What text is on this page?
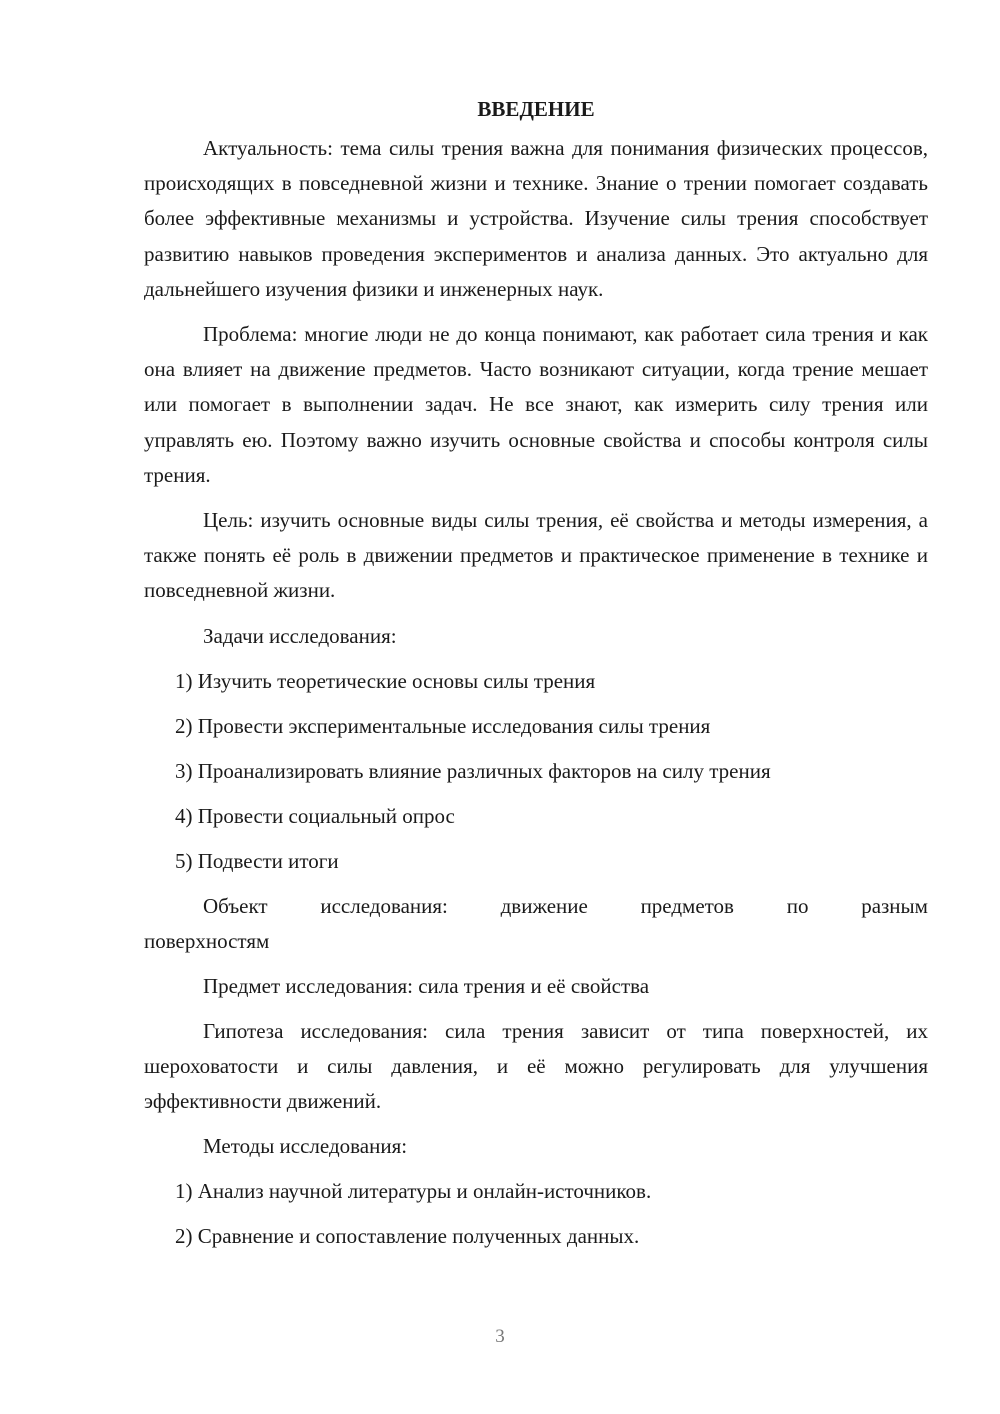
ВВЕДЕНИЕ

Актуальность: тема силы трения важна для понимания физических процессов, происходящих в повседневной жизни и технике. Знание о трении помогает создавать более эффективные механизмы и устройства. Изучение силы трения способствует развитию навыков проведения экспериментов и анализа данных. Это актуально для дальнейшего изучения физики и инженерных наук.

Проблема: многие люди не до конца понимают, как работает сила трения и как она влияет на движение предметов. Часто возникают ситуации, когда трение мешает или помогает в выполнении задач. Не все знают, как измерить силу трения или управлять ею. Поэтому важно изучить основные свойства и способы контроля силы трения.

Цель: изучить основные виды силы трения, её свойства и методы измерения, а также понять её роль в движении предметов и практическое применение в технике и повседневной жизни.

Задачи исследования:
1) Изучить теоретические основы силы трения
2) Провести экспериментальные исследования силы трения
3) Проанализировать влияние различных факторов на силу трения
4) Провести социальный опрос
5) Подвести итоги
Объект	исследования:	движение	предметов	по	разным
поверхностям
Предмет исследования: сила трения и её свойства

Гипотеза исследования: сила трения зависит от типа поверхностей, их шероховатости и силы давления, и её можно регулировать для улучшения эффективности движений.

Методы исследования:
1) Анализ научной литературы и онлайн-источников.
2) Сравнение и сопоставление полученных данных.
3
